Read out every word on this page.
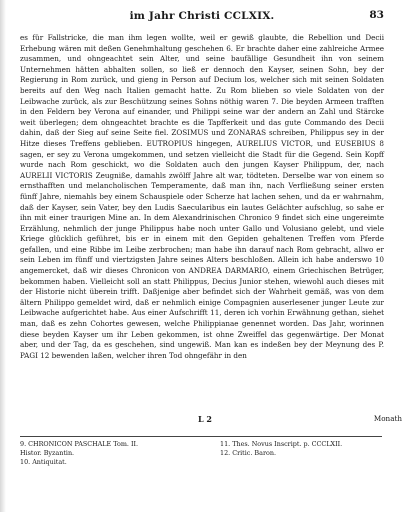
im Jahr Christi CCLXIX.	83

es für Fallstricke, die man ihm legen wollte, weil er gewiß glaubte, die Rebellion und Decii Erhebung wären mit deßen Genehmhaltung geschehen 6. Er brachte daher eine zahlreiche Armee zusammen, und ohngeachtet sein Alter, und seine baufällige Gesundheit ihn von seinem Unternehmen hätten abhalten sollen, so ließ er dennoch den Kayser, seinen Sohn, bey der Regierung in Rom zurück, und gieng in Person auf Decium los, welcher sich mit seinen Soldaten bereits auf den Weg nach Italien gemacht hatte. Zu Rom blieben so viele Soldaten von der Leibwache zurück, als zur Beschützung seines Sohns nöthig waren 7. Die beyden Armeen trafften in den Feldern bey Verona auf einander, und Philippi seine war der andern an Zahl und Stärcke weit überlegen; dem ohngeachtet brachte es die Tapfferkeit und das gute Commando des Decii dahin, daß der Sieg auf seine Seite fiel. ZOSIMUS und ZONARAS schreiben, Philippus sey in der Hitze dieses Treffens geblieben. EUTROPIUS hingegen, AURELIUS VICTOR, und EUSEBIUS 8 sagen, er sey zu Verona umgekommen, und setzen vielleicht die Stadt für die Gegend. Sein Kopff wurde nach Rom geschickt, wo die Soldaten auch den jungen Kayser Philippum, der, nach AURELII VICTORIS Zeugniße, damahls zwölff Jahre alt war, tödteten. Derselbe war von einem so ernsthafften und melancholischen Temperamente, daß man ihn, nach Verfließung seiner ersten fünff Jahre, niemahls bey einem Schauspiele oder Scherze hat lachen sehen, und da er wahrnahm, daß der Kayser, sein Vater, bey den Ludis Saecularibus ein lautes Gelächter aufschlug, so sahe er ihn mit einer traurigen Mine an. In dem Alexandrinischen Chronico 9 findet sich eine ungereimte Erzählung, nehmlich der junge Philippus habe noch unter Gallo und Volusiano gelebt, und viele Kriege glücklich geführet, bis er in einem mit den Gepiden gehaltenen Treffen vom Pferde gefallen, und eine Ribbe im Leibe zerbrochen; man habe ihn darauf nach Rom gebracht, allwo er sein Leben im fünff und viertzigsten Jahre seines Alters beschloßen. Allein ich habe anderswo 10 angemercket, daß wir dieses Chronicon von ANDREA DARMARIO, einem Griechischen Betrüger, bekommen haben. Vielleicht soll an statt Philippus, Decius Junior stehen, wiewohl auch dieses mit der Historie nicht überein trifft. Daßjenige aber befindet sich der Wahrheit gemäß, was von dem ältern Philippo gemeldet wird, daß er nehmlich einige Compagnien auserlesener junger Leute zur Leibwache aufgerichtet habe. Aus einer Aufschrifft 11, deren ich vorhin Erwähnung gethan, siehet man, daß es zehn Cohortes gewesen, welche Philippianae genennet worden. Das Jahr, worinnen diese beyden Kayser um ihr Leben gekommen, ist ohne Zweiffel das gegenwärtige. Der Monat aber, und der Tag, da es geschehen, sind ungewiß. Man kan es indeßen bey der Meynung des P. PAGI 12 bewenden laßen, welcher ihren Tod ohngefähr in den

L 2	Monath
9. CHRONICON PASCHALE Tom. II.
Histor. Byzantin.
10. Antiquitat.
11. Thes. Novus Inscript. p. CCCLXII.
12. Critic. Baron.
